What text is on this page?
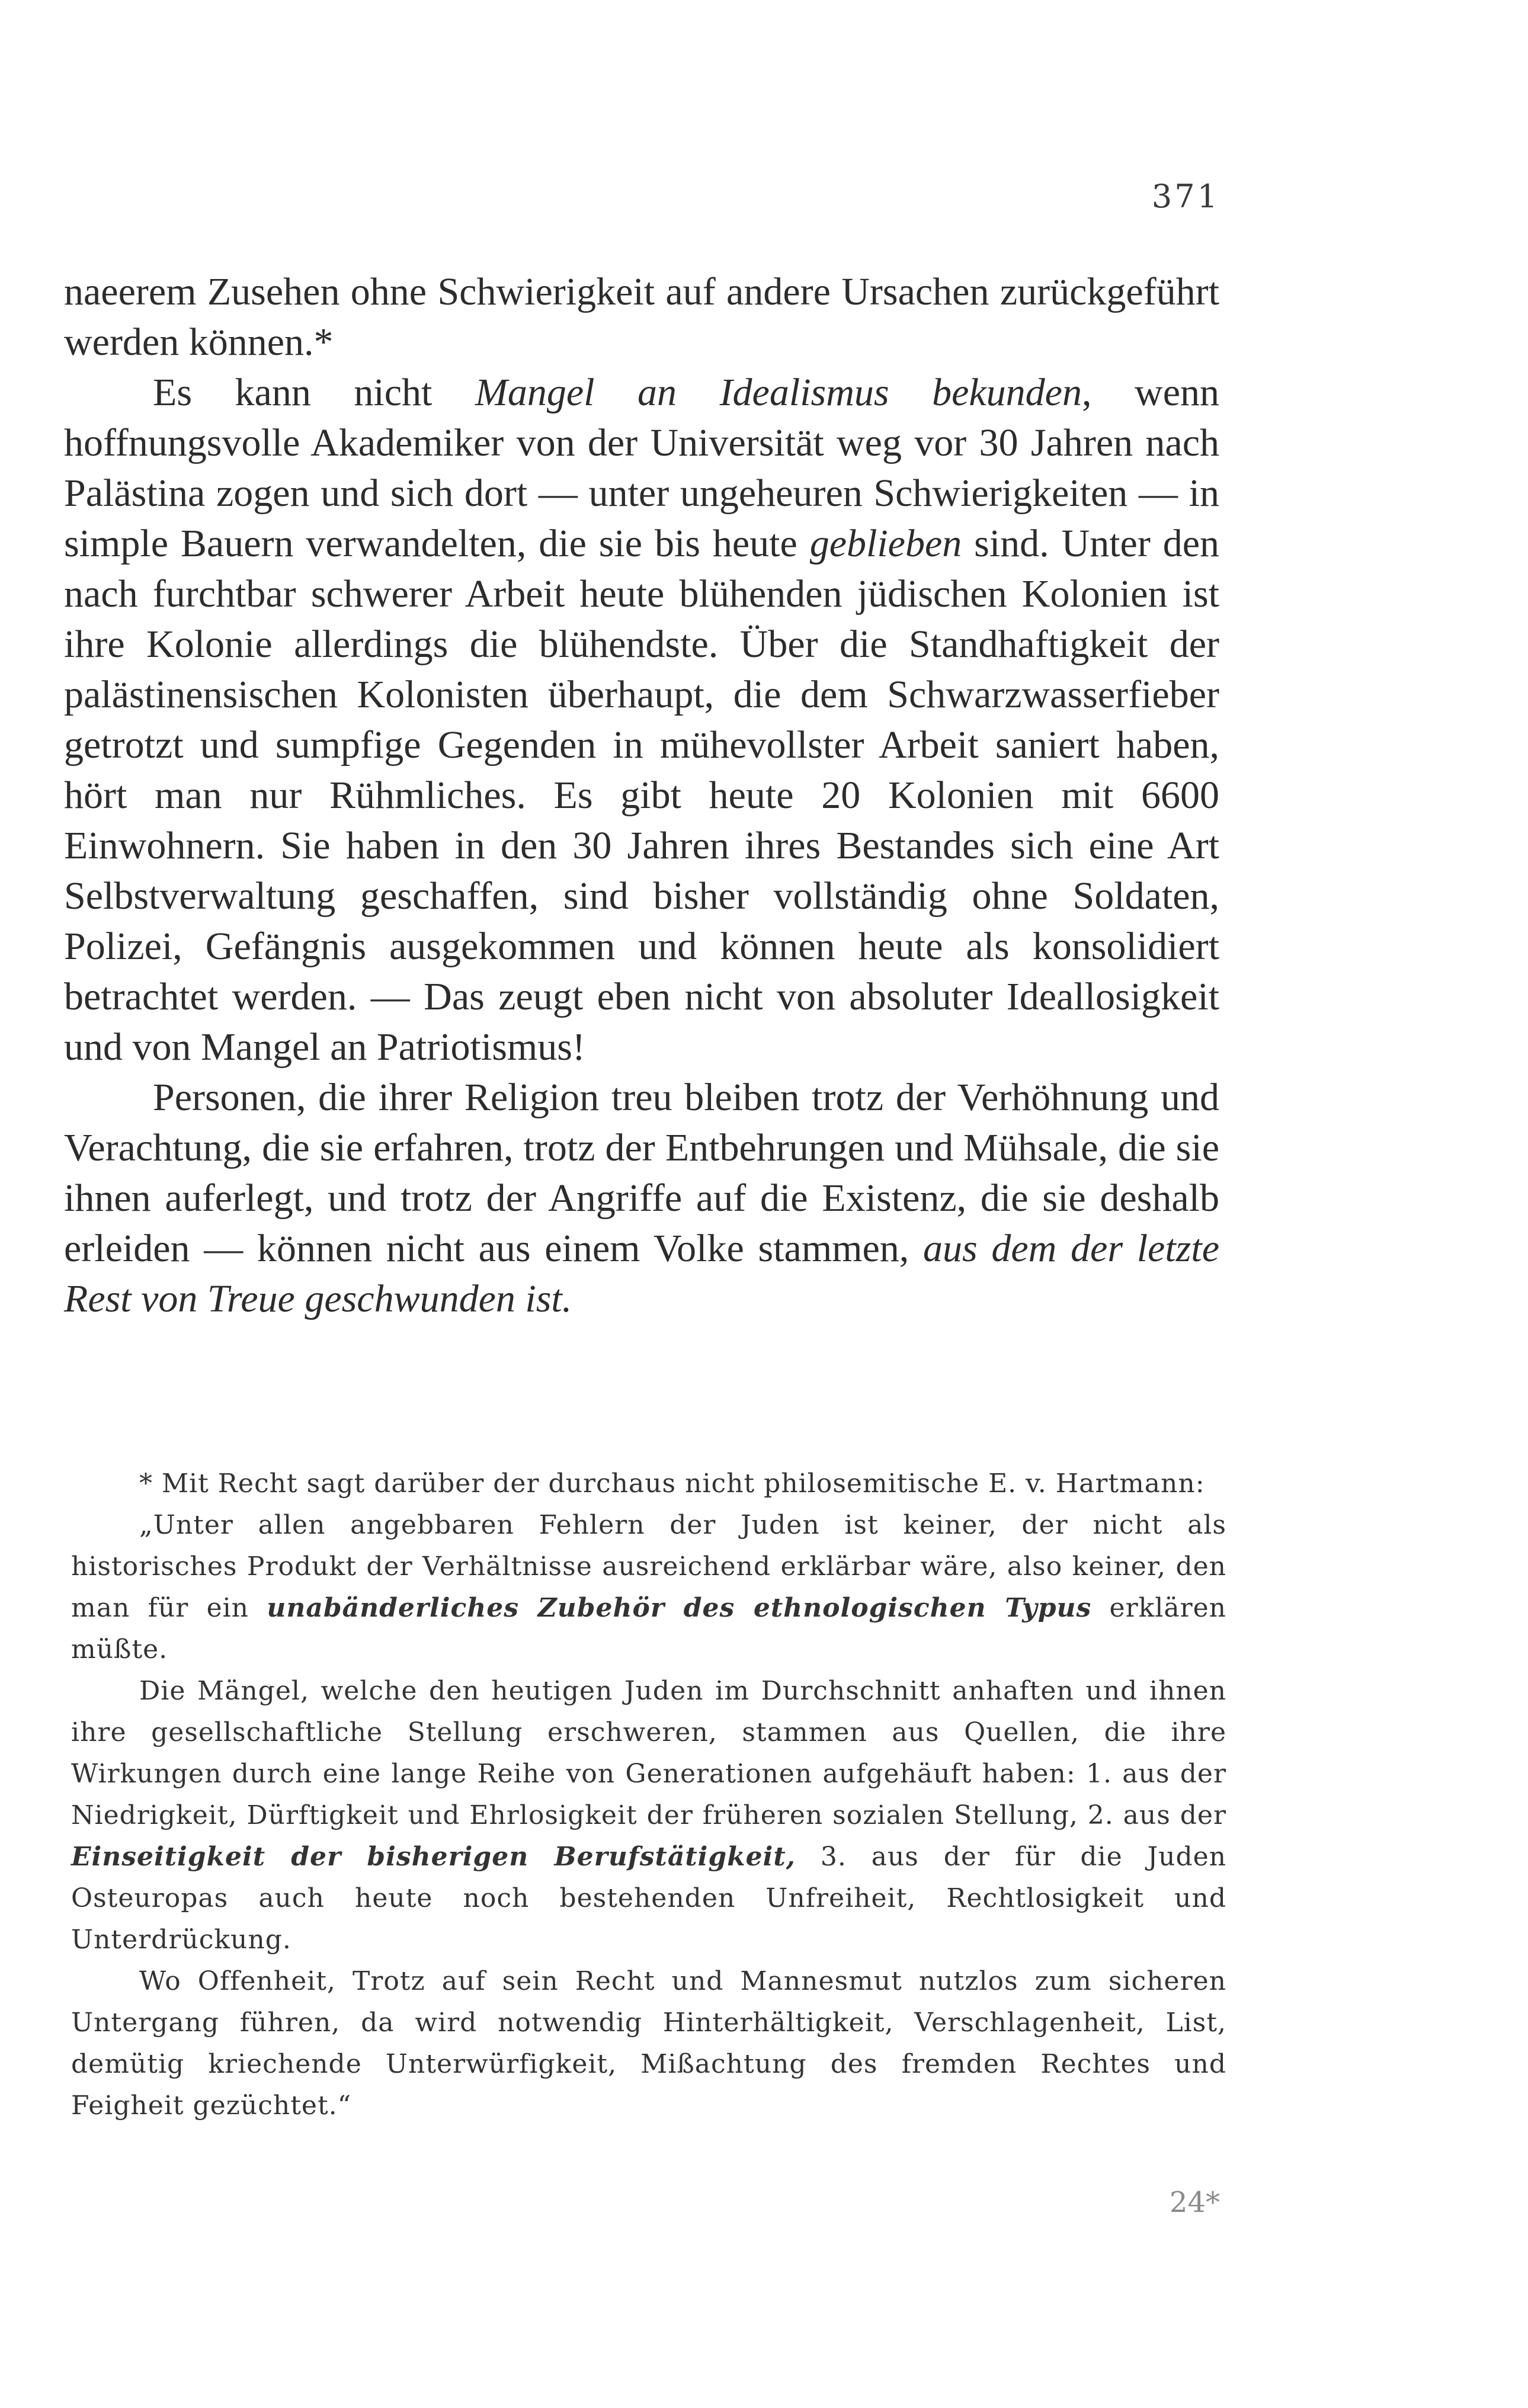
371

naeerem Zusehen ohne Schwierigkeit auf andere Ursachen zurückgeführt werden können.*

Es kann nicht Mangel an Idealismus bekunden, wenn hoffnungsvolle Akademiker von der Universität weg vor 30 Jahren nach Palästina zogen und sich dort — unter ungeheuren Schwierigkeiten — in simple Bauern verwandelten, die sie bis heute geblieben sind. Unter den nach furchtbar schwerer Arbeit heute blühenden jüdischen Kolonien ist ihre Kolonie allerdings die blühendste. Über die Standhaftigkeit der palästinensischen Kolonisten überhaupt, die dem Schwarzwasserfieber getrotzt und sumpfige Gegenden in mühevollster Arbeit saniert haben, hört man nur Rühmliches. Es gibt heute 20 Kolonien mit 6600 Einwohnern. Sie haben in den 30 Jahren ihres Bestandes sich eine Art Selbstverwaltung geschaffen, sind bisher vollständig ohne Soldaten, Polizei, Gefängnis ausgekommen und können heute als konsolidiert betrachtet werden. — Das zeugt eben nicht von absoluter Ideallosigkeit und von Mangel an Patriotismus!

Personen, die ihrer Religion treu bleiben trotz der Verhöhnung und Verachtung, die sie erfahren, trotz der Entbehrungen und Mühsale, die sie ihnen auferlegt, und trotz der Angriffe auf die Existenz, die sie deshalb erleiden — können nicht aus einem Volke stammen, aus dem der letzte Rest von Treue geschwunden ist.

* Mit Recht sagt darüber der durchaus nicht philosemitische E. v. Hartmann:

„Unter allen angebbaren Fehlern der Juden ist keiner, der nicht als historisches Produkt der Verhältnisse ausreichend erklärbar wäre, also keiner, den man für ein unabänderliches Zubehör des ethnologischen Typus erklären müßte.

Die Mängel, welche den heutigen Juden im Durchschnitt anhaften und ihnen ihre gesellschaftliche Stellung erschweren, stammen aus Quellen, die ihre Wirkungen durch eine lange Reihe von Generationen aufgehäuft haben: 1. aus der Niedrigkeit, Dürftigkeit und Ehrlosigkeit der früheren sozialen Stellung, 2. aus der Einseitigkeit der bisherigen Berufstätigkeit, 3. aus der für die Juden Osteuropas auch heute noch bestehenden Unfreiheit, Rechtlosigkeit und Unterdrückung.

Wo Offenheit, Trotz auf sein Recht und Mannesmut nutzlos zum sicheren Untergang führen, da wird notwendig Hinterhältigkeit, Verschlagenheit, List, demütig kriechende Unterwürfigkeit, Mißachtung des fremden Rechtes und Feigheit gezüchtet.“

24*
